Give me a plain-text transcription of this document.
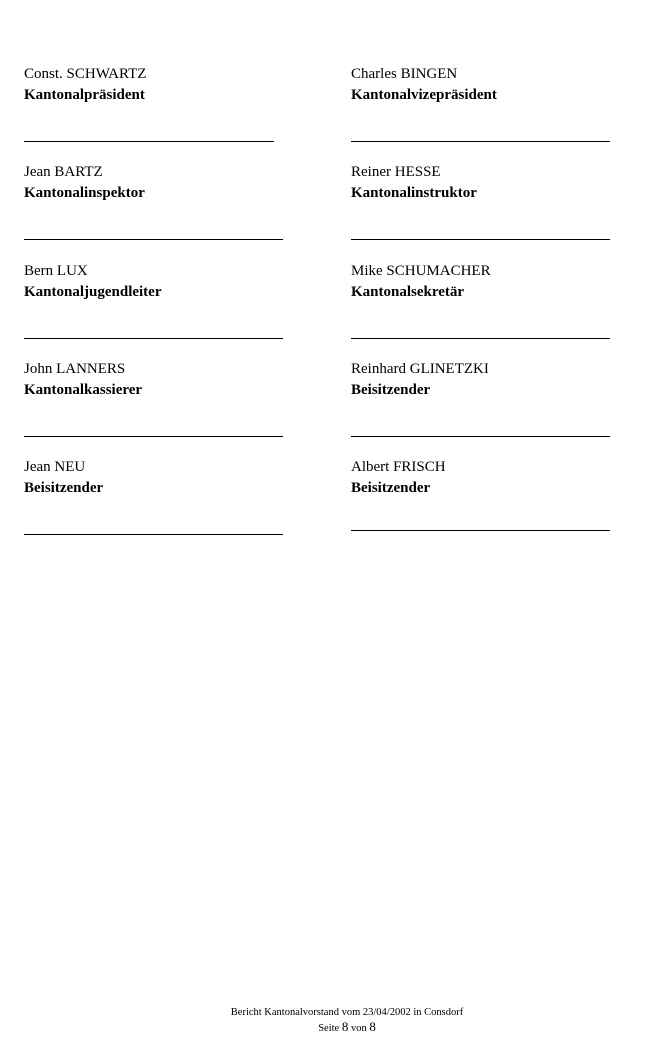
Const. SCHWARTZ
Kantonalpräsident
Charles BINGEN
Kantonalvizepräsident
Jean BARTZ
Kantonalinspektor
Reiner HESSE
Kantonalinstruktor
Bern LUX
Kantonaljugendleiter
Mike SCHUMACHER
Kantonalsekretär
John LANNERS
Kantonalkassierer
Reinhard GLINETZKI
Beisitzender
Jean NEU
Beisitzender
Albert FRISCH
Beisitzender
Bericht Kantonalvorstand vom 23/04/2002 in Consdorf
Seite 8 von 8
